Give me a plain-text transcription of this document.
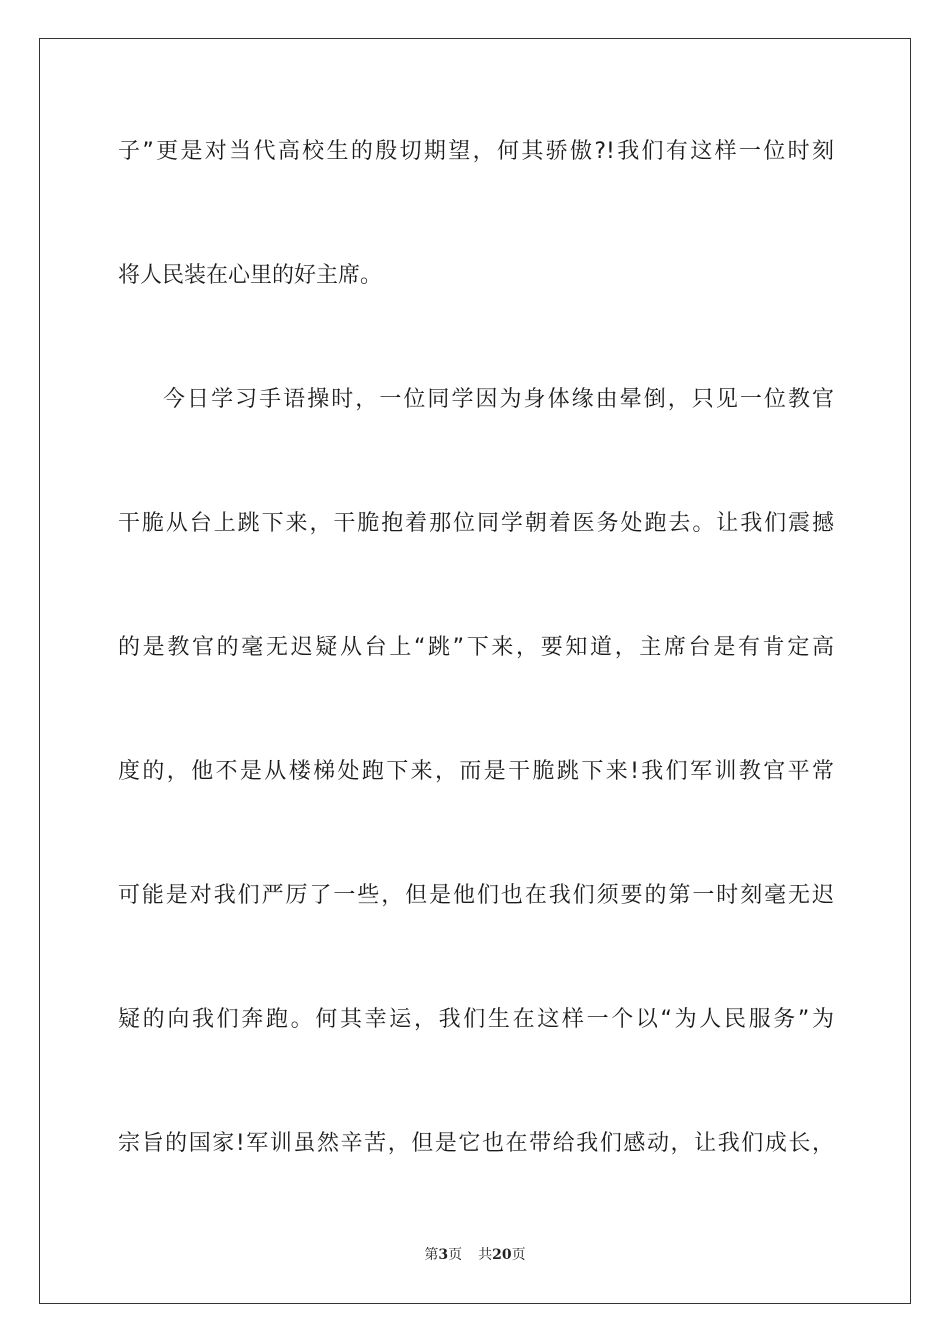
子”更是对当代高校生的殷切期望，何其骄傲?!我们有这样一位时刻
将人民装在心里的好主席。
今日学习手语操时，一位同学因为身体缘由晕倒，只见一位教官
干脆从台上跳下来，干脆抱着那位同学朝着医务处跑去。让我们震撼
的是教官的毫无迟疑从台上“跳”下来，要知道，主席台是有肯定高
度的，他不是从楼梯处跑下来，而是干脆跳下来!我们军训教官平常
可能是对我们严厉了一些，但是他们也在我们须要的第一时刻毫无迟
疑的向我们奔跑。何其幸运，我们生在这样一个以“为人民服务”为
宗旨的国家!军训虽然辛苦，但是它也在带给我们感动，让我们成长，
第3页 共20页
